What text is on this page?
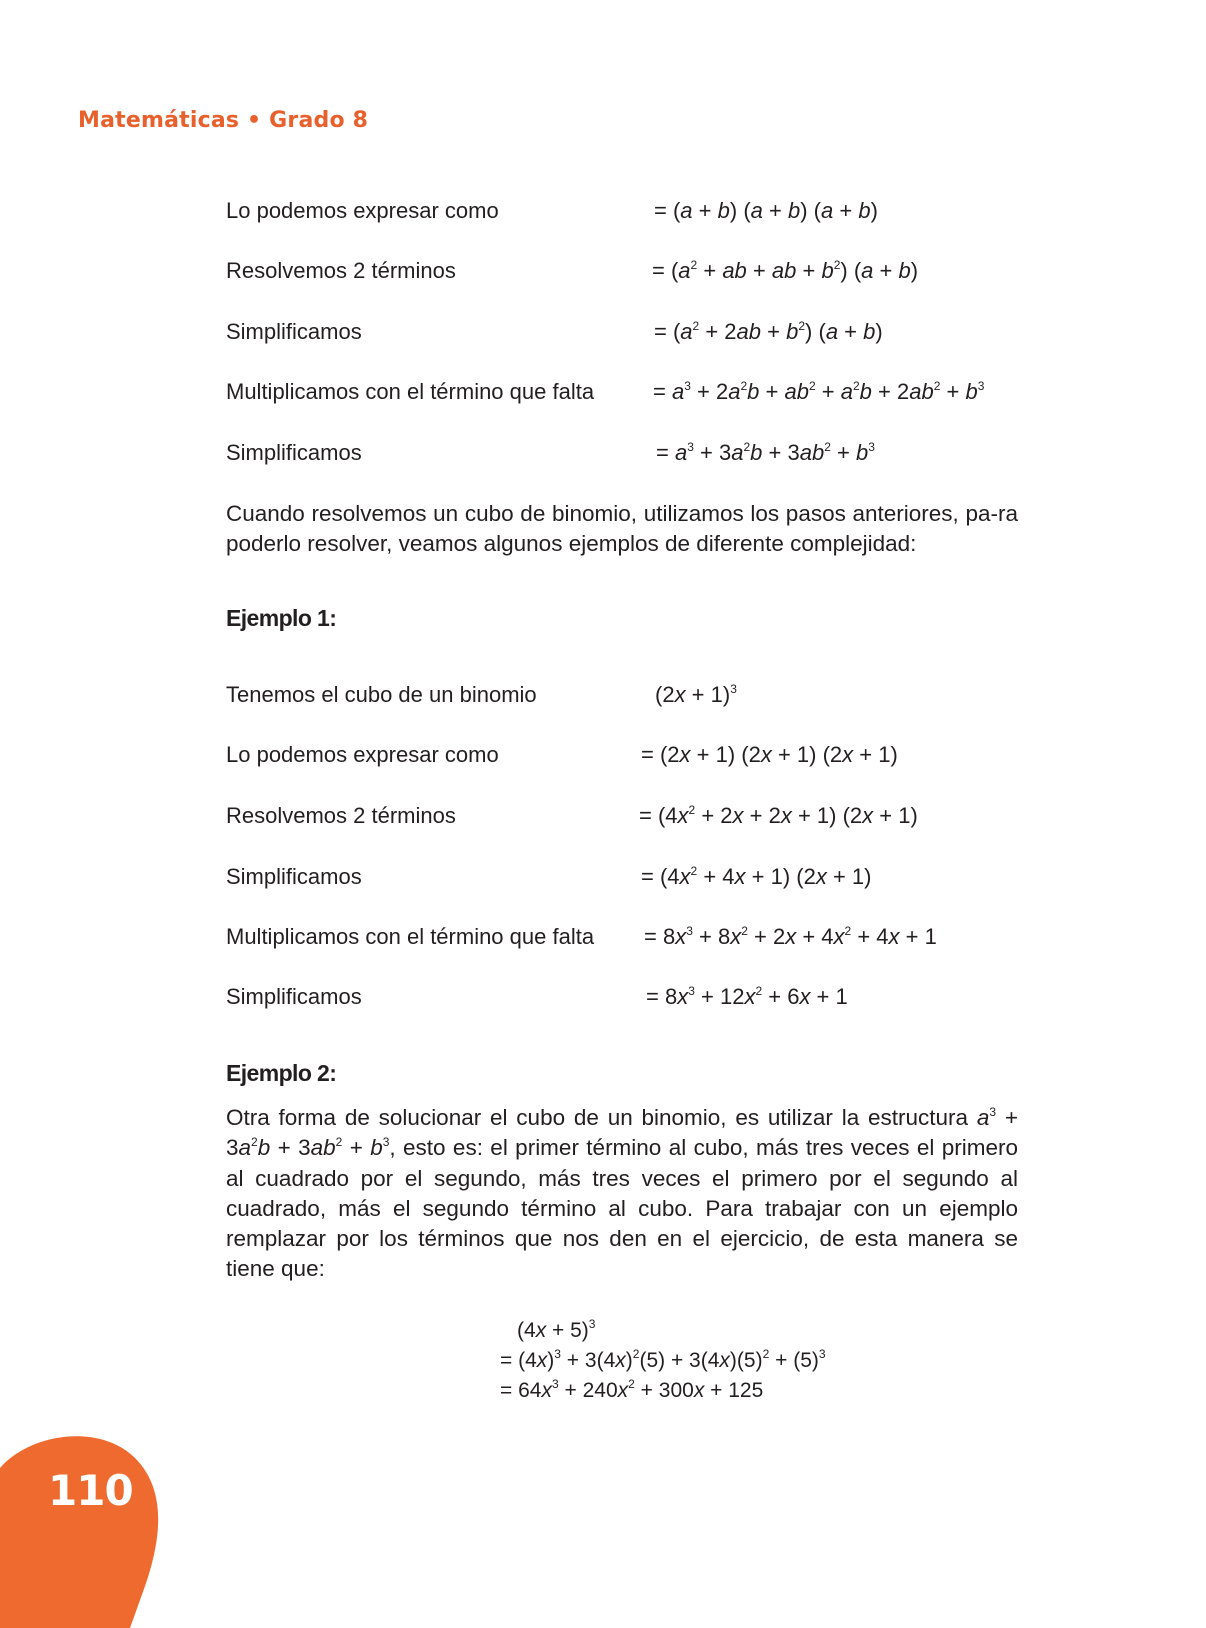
Matemáticas • Grado 8
Lo podemos expresar como	= (a + b) (a + b) (a + b)
Resolvemos 2 términos	= ($a^2$ + ab + ab + $b^2$) (a + b)
Simplificamos	= $(a^2 + 2ab + b^2) (a + b)$
Multiplicamos con el término que falta	= $a^3 + 2a^2b + ab^2 + a^2b + 2ab^2 + b^3$
Simplificamos	= $a^3 + 3a^2b + 3ab^2 + b^3$
Cuando resolvemos un cubo de binomio, utilizamos los pasos anteriores, pa-ra poderlo resolver, veamos algunos ejemplos de diferente complejidad:
Ejemplo 1:
Tenemos el cubo de un binomio	$(2x + 1)^3$
Lo podemos expresar como	= (2x + 1) (2x + 1) (2x + 1)
Resolvemos 2 términos	= $(4x^2 + 2x + 2x + 1) (2x + 1)$
Simplificamos	= $(4x^2 + 4x + 1) (2x + 1)$
Multiplicamos con el término que falta = $8x^3 + 8x^2 + 2x + 4x^2 + 4x + 1$
Simplificamos	= $8x^3 + 12x^2 + 6x + 1$
Ejemplo 2:
Otra forma de solucionar el cubo de un binomio, es utilizar la estructura $a^3 + 3a^2b + 3ab^2 + b^3$, esto es: el primer término al cubo, más tres veces el primero al cuadrado por el segundo, más tres veces el primero por el segundo al cuadrado, más el segundo término al cubo. Para trabajar con un ejemplo remplazar por los términos que nos den en el ejercicio, de esta manera se tiene que:
$(4x + 5)^3$
= $(4x)^3 + 3(4x)^2(5) + 3(4x)(5)^2 + (5)^3$
= $64x^3 + 240x^2 + 300x + 125$
110
